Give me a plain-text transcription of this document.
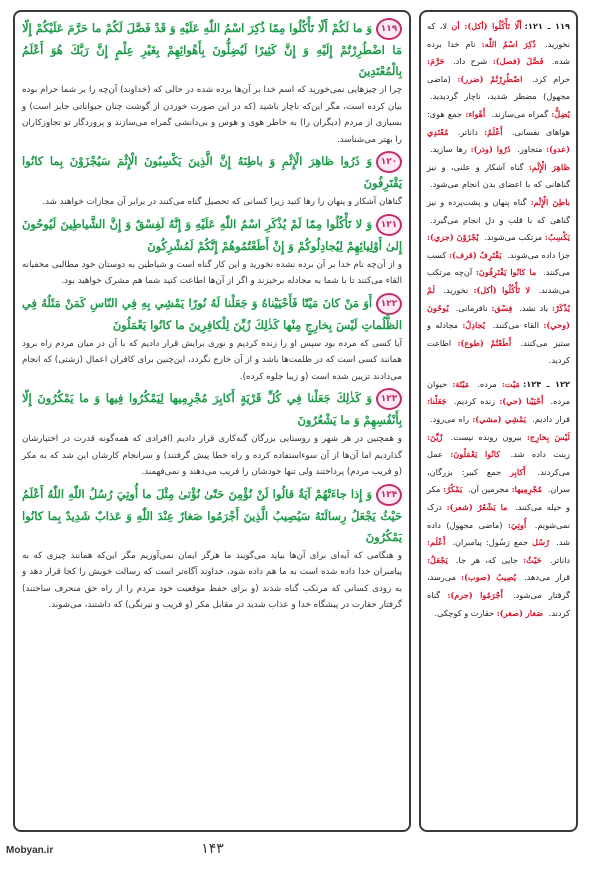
۱۱۹وَ ما لَكُمْ أَلّا تَأْكُلُوا مِمّا ذُكِرَ اسْمُ اللّٰهِ عَلَيْهِ وَ قَدْ فَصَّلَ لَكُمْ ما حَرَّمَ عَلَيْكُمْ إِلّا مَا اضْطُرِرْتُمْ إِلَيْهِ وَ إِنَّ كَثِيرًا لَيُضِلُّونَ بِأَهْوائِهِمْ بِغَيْرِ عِلْمٍ إِنَّ رَبَّكَ هُوَ أَعْلَمُ بِالْمُعْتَدِينَ

چرا از چیزهایی نمی‌خورید که اسم خدا بر آن‌ها برده شده در حالی که (خداوند) آن‌چه را بر شما حرام بوده بیان کرده است، مگر این‌که ناچار باشید (که در این صورت خوردن از گوشت چنان حیواناتی جایز است) و بسیاری از مردم (دیگران را) به خاطر هوی و هوس و بی‌دانشی گمراه می‌سازند و پروردگار تو تجاوزکاران را بهتر می‌شناسد.

۱۲۰وَ ذَرُوا ظاهِرَ الْإِثْمِ وَ باطِنَهُ إِنَّ الَّذِينَ يَكْسِبُونَ الْإِثْمَ سَيُجْزَوْنَ بِما كانُوا يَقْتَرِفُونَ

گناهان آشکار و پنهان را رها کنید زیرا کسانی که تحصیل گناه می‌کنند در برابر آن مجازات خواهند شد.

۱۲۱وَ لا تَأْكُلُوا مِمّا لَمْ يُذْكَرِ اسْمُ اللّٰهِ عَلَيْهِ وَ إِنَّهُ لَفِسْقٌ وَ إِنَّ الشَّياطِينَ لَيُوحُونَ إِلىٰ أَوْلِيائِهِمْ لِيُجادِلُوكُمْ وَ إِنْ أَطَعْتُمُوهُمْ إِنَّكُمْ لَمُشْرِكُونَ

و از آن‌چه نام خدا بر آن برده نشده نخورید و این کار گناه است و شیاطین به دوستان خود مطالبی مخفیانه القاء می‌کنند تا با شما به مجادله برخیزند و اگر از آن‌ها اطاعت کنید شما هم مشرک خواهید بود.

۱۲۲أَوَ مَنْ كانَ مَيْتًا فَأَحْيَيْناهُ وَ جَعَلْنا لَهُ نُورًا يَمْشِي بِهِ فِي النّاسِ كَمَنْ مَثَلُهُ فِي الظُّلُماتِ لَيْسَ بِخارِجٍ مِنْها كَذٰلِكَ زُيِّنَ لِلْكافِرِينَ ما كانُوا يَعْمَلُونَ

آیا کسی که مرده بود سپس او را زنده کردیم و نوری برایش قرار دادیم که با آن در میان مردم راه برود همانند کسی است که در ظلمت‌ها باشد و از آن خارج نگردد، این‌چنین برای کافران اعمال (زشتی) که انجام می‌دادند تزیین شده است (و زیبا جلوه کرده).

۱۲۳وَ كَذٰلِكَ جَعَلْنا فِي كُلِّ قَرْيَةٍ أَكابِرَ مُجْرِمِيها لِيَمْكُرُوا فِيها وَ ما يَمْكُرُونَ إِلّا بِأَنْفُسِهِمْ وَ ما يَشْعُرُونَ

و همچنین در هر شهر و روستایی بزرگان گنه‌کاری قرار دادیم (افرادی که همه‌گونه قدرت در اختیارشان گذاردیم اما آن‌ها از آن سوءاستفاده کرده و راه خطا پیش گرفتند) و سرانجام کارشان این شد که به مکر (و فریب مردم) پرداختند ولی تنها خودشان را فریب می‌دهند و نمی‌فهمند.

۱۲۴وَ إِذا جاءَتْهُمْ آيَةٌ قالُوا لَنْ نُؤْمِنَ حَتّىٰ نُؤْتىٰ مِثْلَ ما أُوتِيَ رُسُلُ اللّٰهِ اللّٰهُ أَعْلَمُ حَيْثُ يَجْعَلُ رِسالَتَهُ سَيُصِيبُ الَّذِينَ أَجْرَمُوا صَغارٌ عِنْدَ اللّٰهِ وَ عَذابٌ شَدِيدٌ بِما كانُوا يَمْكُرُونَ

و هنگامی که آیه‌ای برای آن‌ها بیاید می‌گویند ما هرگز ایمان نمی‌آوریم مگر این‌که همانند چیزی که به پیامبران خدا داده شده است به ما هم داده شود، خداوند آگاه‌تر است که رسالت خویش را کجا قرار دهد و به زودی کسانی که مرتکب گناه شدند (و برای حفظ موقعیت خود مردم را از راه حق منحرف ساختند) گرفتار حقارت در پیشگاه خدا و عذاب شدید در مقابل مکر (و فریب و نیرنگی) که داشتند، می‌شوند.

۱۱۹ ـ ۱۲۱:أَلّا تَأْكُلُوا (أكل): أن لا، که نخورید. ذُكِرَ اسْمُ اللّٰه: نام خدا برده شده. فَصَّلَ (فصل): شرح داد. حَرَّمَ: حرام کرد. اضْطُرِرْتُمْ (ضرر): (ماضی مجهول) مضطر شدید، ناچار گردیدید. يُضِلُّ: گمراه می‌سازند. أَهْواء: جمع هوی: هواهای نفسانی. أَعْلَمُ: داناتر. مُعْتَدِي (عدو): متجاوز. ذَرُوا (وذر): رها سازید. ظاهِرَ الْإِثْم: گناه آشکار و علنی، و نیز گناهانی که با اعضای بدن انجام می‌شود. باطِنَ الْإِثْم: گناه پنهان و پشت‌پرده و نیز گناهی که با قلب و دل انجام می‌گیرد. يَكْسِبُ: مرتکب می‌شوند. يُجْزَوْنَ (جزي): جزا داده می‌شوند. يَقْتَرِفُ (قرف): کسب می‌کنند. ما كانُوا يَقْتَرِفُونَ: آن‌چه مرتکب می‌شدند. لا تَأْكُلُوا (أكل): نخورید. لَمْ يُذْكَرْ: یاد نشد. فِسْق: نافرمانی. يُوحُونَ (وحي): القاء می‌کنند. يُجادِلُ: مجادله و ستیز می‌کنند. أَطَعْتُمْ (طوع): اطاعت کردید.
۱۲۲ ـ ۱۲۴:مَيْت: مرده. مَيْتَة: حیوان مرده. أَحْيَيْنا (حي): زنده کردیم. جَعَلْنا: قرار دادیم. يَمْشِي (مشي): راه می‌رود. لَيْسَ بِخارِج: بیرون رونده نیست. زُيِّنَ: زینت داده شد. كانُوا يَعْمَلُونَ: عمل می‌کردند. أَكابِر جمع كبير: بزرگان، سران. مُجْرِمِيها: مجرمین آن. يَمْكُرُ: مکر و حیله می‌کنند. ما يَشْعُرُ (شعر): درک نمی‌شویم. أُوتِيَ: (ماضی مجهول) داده شد. رُسُل جمع رَسُول: پیامبران. أَعْلَم: داناتر. حَيْثُ: جایی که، هر جا. يَجْعَلُ: قرار می‌دهد. يُصِيبُ (صوب): می‌رسد، گرفتار می‌شود. أَجْرَمُوا (جرم): گناه کردند. صَغار (صغر): حقارت و کوچکی.
Mobyan.ir	۱۴۳
